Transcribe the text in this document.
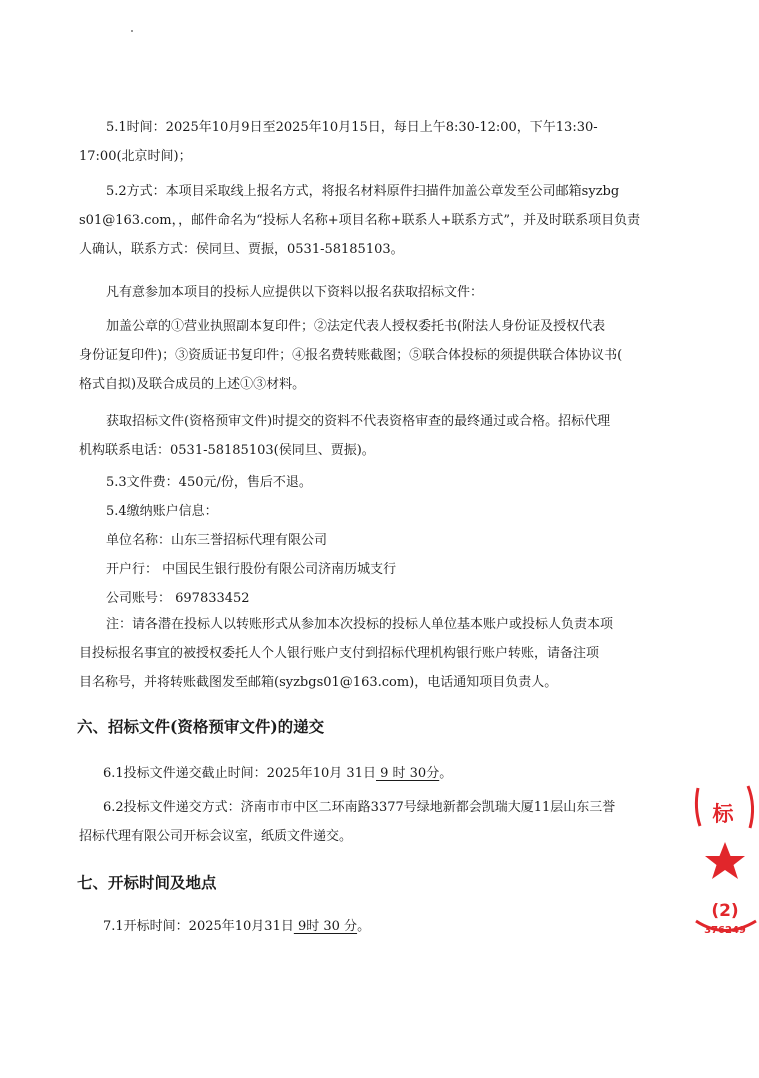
5.1时间：2025年10月9日至2025年10月15日，每日上午8:30-12:00，下午13:30-
17:00(北京时间)；

5.2方式：本项目采取线上报名方式，将报名材料原件扫描件加盖公章发至公司邮箱syzbg
s01@163.com，，邮件命名为“投标人名称+项目名称+联系人+联系方式”，并及时联系项目负责
人确认，联系方式：侯同旦、贾振，0531-58185103。

凡有意参加本项目的投标人应提供以下资料以报名获取招标文件：

加盖公章的①营业执照副本复印件；②法定代表人授权委托书(附法人身份证及授权代表
身份证复印件)；③资质证书复印件；④报名费转账截图；⑤联合体投标的须提供联合体协议书(
格式自拟)及联合成员的上述①③材料。

获取招标文件(资格预审文件)时提交的资料不代表资格审查的最终通过或合格。招标代理
机构联系电话：0531-58185103(侯同旦、贾振)。

5.3文件费：450元/份，售后不退。
5.4缴纳账户信息：
单位名称：山东三誉招标代理有限公司
开户行： 中国民生银行股份有限公司济南历城支行
公司账号： 697833452

注：请各潜在投标人以转账形式从参加本次投标的投标人单位基本账户或投标人负责本项
目投标报名事宜的被授权委托人个人银行账户支付到招标代理机构银行账户转账，请备注项
目名称号，并将转账截图发至邮箱(syzbgs01@163.com)，电话通知项目负责人。

六、招标文件(资格预审文件)的递交
6.1投标文件递交截止时间：2025年10月 31日 9 时 30分。

6.2投标文件递交方式：济南市市中区二环南路3377号绿地新都会凯瑞大厦11层山东三誉
招标代理有限公司开标会议室，纸质文件递交。

七、开标时间及地点
7.1开标时间：2025年10月31日 9时 30 分。
标
(2)
376249
